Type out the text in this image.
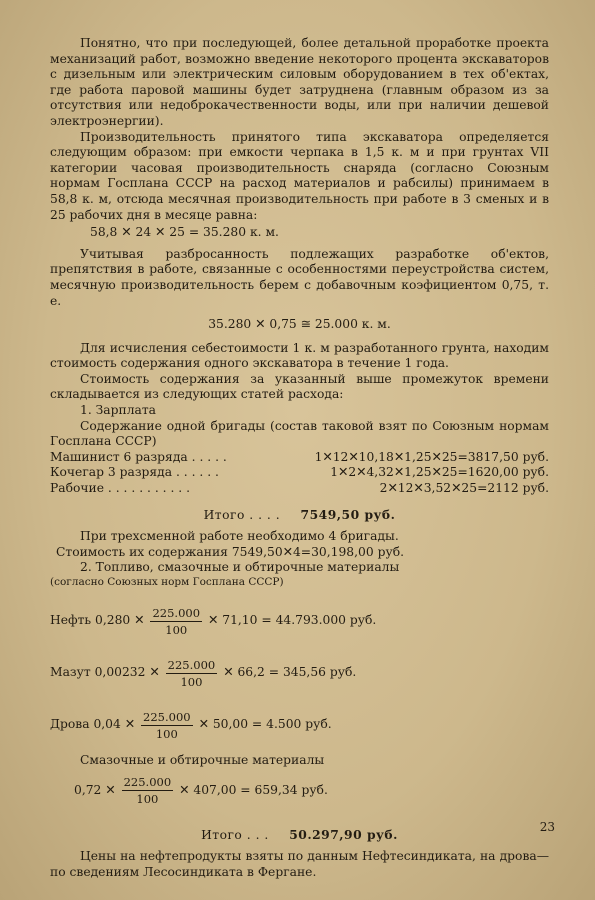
Понятно, что при последующей, более детальной проработке проекта механизаций работ, возможно введение некоторого процента экскаваторов с дизельным или электрическим силовым оборудованием в тех об'ектах, где работа паровой машины будет затруднена (главным образом из за отсутствия или недоброкачественности воды, или при наличии дешевой электроэнергии).

Производительность принятого типа экскаватора определяется следующим образом: при емкости черпака в 1,5 к. м и при грунтах VII категории часовая производительность снаряда (согласно Союзным нормам Госплана СССР на расход материалов и рабсилы) принимаем в 58,8 к. м, отсюда месячная производительность при работе в 3 сменых и в 25 рабочих дня в месяце равна:

58,8 ✕ 24 ✕ 25 = 35.280 к. м.

Учитывая разбросанность подлежащих разработке об'ектов, препятствия в работе, связанные с особенностями переустройства систем, месячную производительность берем с добавочным коэфициентом 0,75, т. е.

35.280 ✕ 0,75 ≅ 25.000 к. м.

Для исчисления себестоимости 1 к. м разработанного грунта, находим стоимость содержания одного экскаватора в течение 1 года.

Стоимость содержания за указанный выше промежуток времени складывается из следующих статей расхода:

1. Зарплата

Содержание одной бригады (состав таковой взят по Союзным нормам Госплана СССР)

Машинист 6 разряда . . . . .	1✕12✕10,18✕1,25✕25=3817,50 руб.
Кочегар 3 разряда . . . . . .	1✕2✕4,32✕1,25✕25=1620,00 руб.
Рабочие . . . . . . . . . . .	2✕12✕3,52✕25=2112 руб.
Итого . . . . 7549,50 руб.

При трехсменной работе необходимо 4 бригады.

Стоимость их содержания 7549,50✕4=30,198,00 руб.

2. Топливо, смазочные и обтирочные материалы

(согласно Союзных норм Госплана СССР)

Нефть
0,280 ✕ $\frac{225.000}{100}$ ✕ 71,10 = 44.793.000 руб.
Мазут
0,00232 ✕ $\frac{225.000}{100}$ ✕ 66,2 = 345,56 руб.
Дрова
0,04 ✕ $\frac{225.000}{100}$ ✕ 50,00 = 4.500 руб.

Смазочные и обтирочные материалы

0,72 ✕ $\frac{225.000}{100}$ ✕ 407,00 = 659,34 руб.
Итого . . . 50.297,90 руб.

Цены на нефтепродукты взяты по данным Нефтесиндиката, на дрова—по сведениям Лесосиндиката в Фергане.

23
